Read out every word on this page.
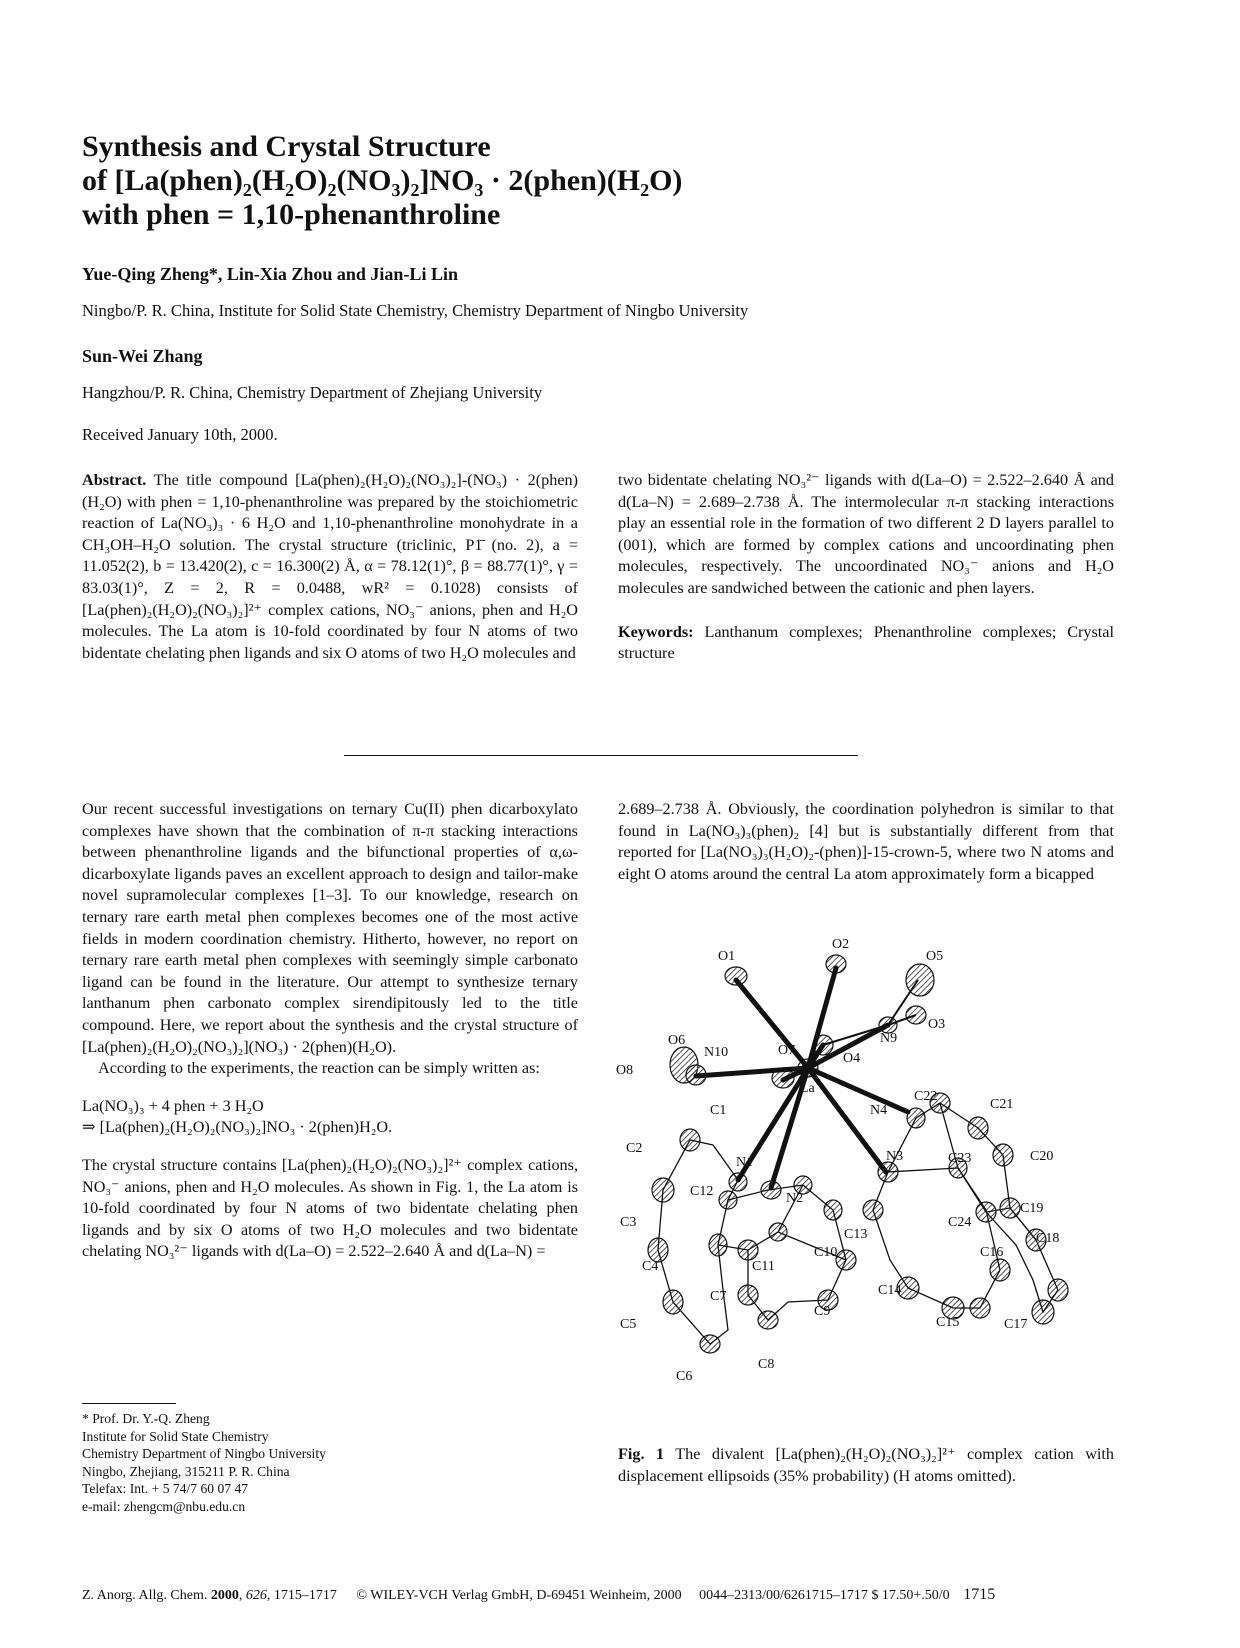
Synthesis and Crystal Structure
of [La(phen)₂(H₂O)₂(NO₃)₂]NO₃ · 2(phen)(H₂O)
with phen = 1,10-phenanthroline
Yue-Qing Zheng*, Lin-Xia Zhou and Jian-Li Lin
Ningbo/P. R. China, Institute for Solid State Chemistry, Chemistry Department of Ningbo University
Sun-Wei Zhang
Hangzhou/P. R. China, Chemistry Department of Zhejiang University
Received January 10th, 2000.

Abstract. The title compound [La(phen)₂(H₂O)₂(NO₃)₂]-(NO₃) · 2(phen)(H₂O) with phen = 1,10-phenanthroline was prepared by the stoichiometric reaction of La(NO₃)₃ · 6 H₂O and 1,10-phenanthroline monohydrate in a CH₃OH–H₂O solution. The crystal structure (triclinic, P1̄ (no. 2), a = 11.052(2), b = 13.420(2), c = 16.300(2) Å, α = 78.12(1)°, β = 88.77(1)°, γ = 83.03(1)°, Z = 2, R = 0.0488, wR² = 0.1028) consists of [La(phen)₂(H₂O)₂(NO₃)₂]²⁺ complex cations, NO₃⁻ anions, phen and H₂O molecules. The La atom is 10-fold coordinated by four N atoms of two bidentate chelating phen ligands and six O atoms of two H₂O molecules and

two bidentate chelating NO₃²⁻ ligands with d(La–O) = 2.522–2.640 Å and d(La–N) = 2.689–2.738 Å. The intermolecular π-π stacking interactions play an essential role in the formation of two different 2 D layers parallel to (001), which are formed by complex cations and uncoordinating phen molecules, respectively. The uncoordinated NO₃⁻ anions and H₂O molecules are sandwiched between the cationic and phen layers.

Keywords: Lanthanum complexes; Phenanthroline complexes; Crystal structure

Our recent successful investigations on ternary Cu(II) phen dicarboxylato complexes have shown that the combination of π-π stacking interactions between phenanthroline ligands and the bifunctional properties of α,ω-dicarboxylate ligands paves an excellent approach to design and tailor-make novel supramolecular complexes [1–3]. To our knowledge, research on ternary rare earth metal phen complexes becomes one of the most active fields in modern coordination chemistry. Hitherto, however, no report on ternary rare earth metal phen complexes with seemingly simple carbonato ligand can be found in the literature. Our attempt to synthesize ternary lanthanum phen carbonato complex sirendipitously led to the title compound. Here, we report about the synthesis and the crystal structure of [La(phen)₂(H₂O)₂(NO₃)₂](NO₃) · 2(phen)(H₂O).

According to the experiments, the reaction can be simply written as:

La(NO₃)₃ + 4 phen + 3 H₂O

⇒ [La(phen)₂(H₂O)₂(NO₃)₂]NO₃ · 2(phen)H₂O.

The crystal structure contains [La(phen)₂(H₂O)₂(NO₃)₂]²⁺ complex cations, NO₃⁻ anions, phen and H₂O molecules. As shown in Fig. 1, the La atom is 10-fold coordinated by four N atoms of two bidentate chelating phen ligands and by six O atoms of two H₂O molecules and two bidentate chelating NO₃²⁻ ligands with d(La–O) = 2.522–2.640 Å and d(La–N) =

* Prof. Dr. Y.-Q. Zheng
Institute for Solid State Chemistry
Chemistry Department of Ningbo University
Ningbo, Zhejiang, 315211 P. R. China
Telefax: Int. + 5 74/7 60 07 47
e-mail: zhengcm@nbu.edu.cn

2.689–2.738 Å. Obviously, the coordination polyhedron is similar to that found in La(NO₃)₃(phen)₂ [4] but is substantially different from that reported for [La(NO₃)₃(H₂O)₂-(phen)]-15-crown-5, where two N atoms and eight O atoms around the central La atom approximately form a bicapped

La
O1
O2
O5
O3
N9
O4
O7
N10
O6
O8
C1
C2
N1
N2
C12
C3
C4
C5
C6
C7
C8
C9
C10
C11
N4
C22
C21
N3	C23	C20
C13
C24
C19
C16
C18
C14
C15	C17

Fig. 1 The divalent [La(phen)₂(H₂O)₂(NO₃)₂]²⁺ complex cation with displacement ellipsoids (35% probability) (H atoms omitted).

Z. Anorg. Allg. Chem. 2000, 626, 1715–1717 © WILEY-VCH Verlag GmbH, D-69451 Weinheim, 2000 0044–2313/00/6261715–1717 $ 17.50+.50/0 1715
